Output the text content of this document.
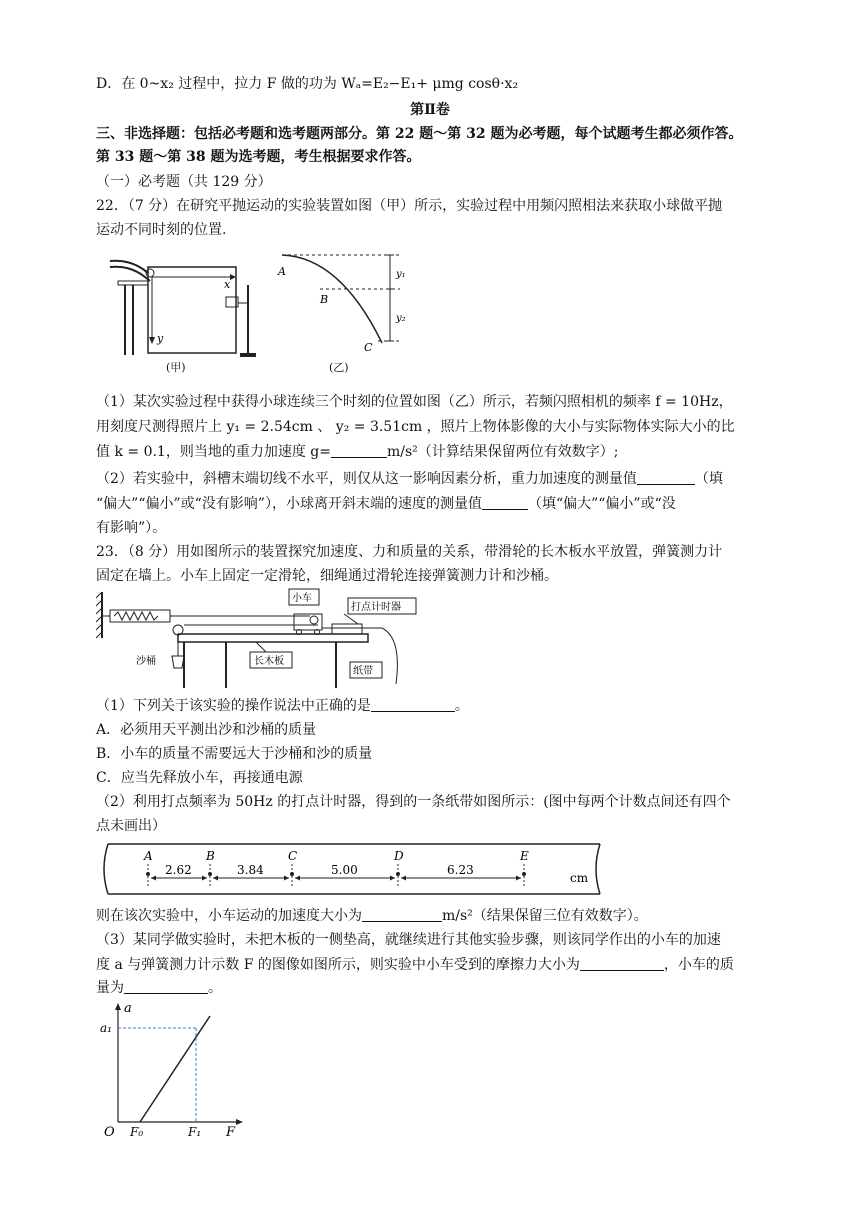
D．在 0~x₂ 过程中，拉力 F 做的功为 Wₐ=E₂−E₁+ μmg cosθ·x₂
第Ⅱ卷
三、非选择题：包括必考题和选考题两部分。第 22 题～第 32 题为必考题，每个试题考生都必须作答。
第 33 题～第 38 题为选考题，考生根据要求作答。
（一）必考题（共 129 分）
22．（7 分）在研究平抛运动的实验装置如图（甲）所示，实验过程中用频闪照相法来获取小球做平抛
运动不同时刻的位置.
x
y
(甲)
A
B
C
y₁
y₂
(乙)
（1）某次实验过程中获得小球连续三个时刻的位置如图（乙）所示，若频闪照相机的频率 f = 10Hz，
用刻度尺测得照片上 y₁ = 2.54cm 、 y₂ = 3.51cm ，照片上物体影像的大小与实际物体实际大小的比
值 k = 0.1，则当地的重力加速度 g=	m/s²（计算结果保留两位有效数字）;
（2）若实验中，斜槽末端切线不水平，则仅从这一影响因素分析，重力加速度的测量值	（填
“偏大”“偏小”或“没有影响”），小球离开斜末端的速度的测量值	（填“偏大”“偏小”或“没
有影响”）。
23．（8 分）用如图所示的装置探究加速度、力和质量的关系，带滑轮的长木板水平放置，弹簧测力计
固定在墙上。小车上固定一定滑轮，细绳通过滑轮连接弹簧测力计和沙桶。
小车
打点计时器
长木板
沙桶
纸带
（1）下列关于该实验的操作说法中正确的是	。
A．必须用天平测出沙和沙桶的质量
B．小车的质量不需要远大于沙桶和沙的质量
C．应当先释放小车，再接通电源
（2）利用打点频率为 50Hz 的打点计时器，得到的一条纸带如图所示：(图中每两个计数点间还有四个
点未画出）
A	B	C	D	E
2.62	3.84	5.00	6.23
cm
则在该次实验中，小车运动的加速度大小为	m/s²（结果保留三位有效数字）。
（3）某同学做实验时，未把木板的一侧垫高，就继续进行其他实验步骤，则该同学作出的小车的加速
度 a 与弹簧测力计示数 F 的图像如图所示，则实验中小车受到的摩擦力大小为	，小车的质
量为	。
a
a₁
O F₀	F₁ F
